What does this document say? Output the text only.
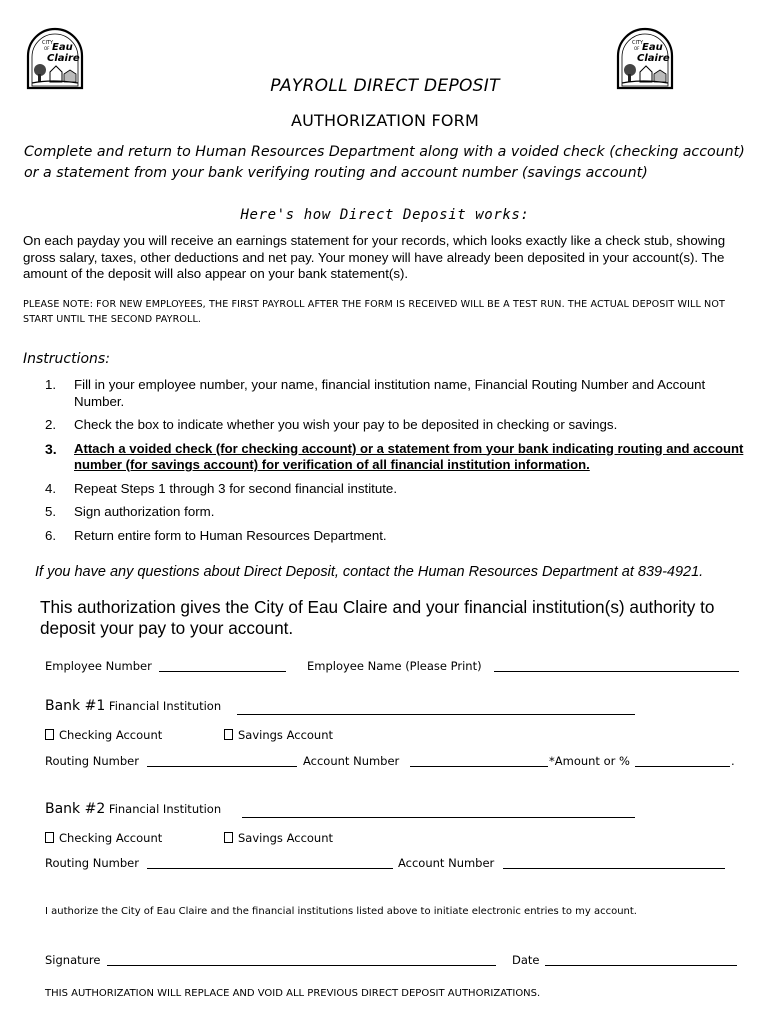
CITY
OF Eau
Claire
CITY
OF Eau
Claire
PAYROLL DIRECT DEPOSIT
AUTHORIZATION FORM
Complete and return to Human Resources Department along with a voided check (checking account) or a statement from your bank verifying routing and account number (savings account)
Here's how Direct Deposit works:
On each payday you will receive an earnings statement for your records, which looks exactly like a check stub, showing gross salary, taxes, other deductions and net pay. Your money will have already been deposited in your account(s). The amount of the deposit will also appear on your bank statement(s).
PLEASE NOTE: FOR NEW EMPLOYEES, THE FIRST PAYROLL AFTER THE FORM IS RECEIVED WILL BE A TEST RUN. THE ACTUAL DEPOSIT WILL NOT START UNTIL THE SECOND PAYROLL.
Instructions:
1. Fill in your employee number, your name, financial institution name, Financial Routing Number and Account Number.
2. Check the box to indicate whether you wish your pay to be deposited in checking or savings.
3. Attach a voided check (for checking account) or a statement from your bank indicating routing and account number (for savings account) for verification of all financial institution information.
4. Repeat Steps 1 through 3 for second financial institute.
5. Sign authorization form.
6. Return entire form to Human Resources Department.
If you have any questions about Direct Deposit, contact the Human Resources Department at 839-4921.
This authorization gives the City of Eau Claire and your financial institution(s) authority to deposit your pay to your account.
Employee Number	Employee Name (Please Print)
Bank #1 Financial Institution
Checking Account	Savings Account
Routing Number	Account Number	*Amount or %	.
Bank #2 Financial Institution
Checking Account	Savings Account
Routing Number	Account Number
I authorize the City of Eau Claire and the financial institutions listed above to initiate electronic entries to my account.
Signature	Date
THIS AUTHORIZATION WILL REPLACE AND VOID ALL PREVIOUS DIRECT DEPOSIT AUTHORIZATIONS.
